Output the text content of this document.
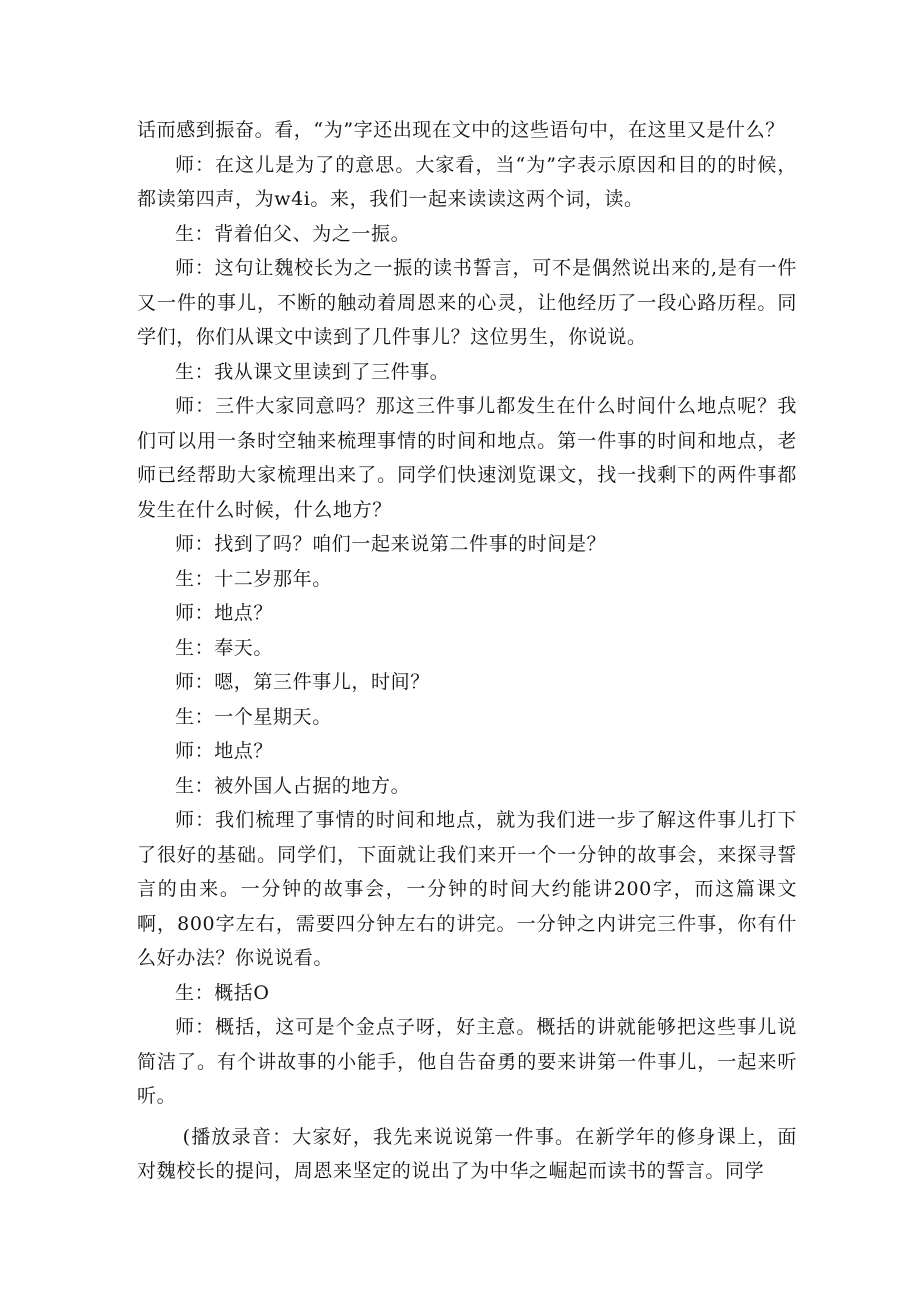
话而感到振奋。看，“为”字还出现在文中的这些语句中，在这里又是什么？

师：在这儿是为了的意思。大家看，当“为”字表示原因和目的的时候，都读第四声，为w4i。来，我们一起来读读这两个词，读。

生：背着伯父、为之一振。

师：这句让魏校长为之一振的读书誓言，可不是偶然说出来的,是有一件又一件的事儿，不断的触动着周恩来的心灵，让他经历了一段心路历程。同学们，你们从课文中读到了几件事儿？这位男生，你说说。

生：我从课文里读到了三件事。

师：三件大家同意吗？那这三件事儿都发生在什么时间什么地点呢？我们可以用一条时空轴来梳理事情的时间和地点。第一件事的时间和地点，老师已经帮助大家梳理出来了。同学们快速浏览课文，找一找剩下的两件事都发生在什么时候，什么地方？

师：找到了吗？咱们一起来说第二件事的时间是？

生：十二岁那年。

师：地点？

生：奉天。

师：嗯，第三件事儿，时间？

生：一个星期天。

师：地点？

生：被外国人占据的地方。

师：我们梳理了事情的时间和地点，就为我们进一步了解这件事儿打下了很好的基础。同学们，下面就让我们来开一个一分钟的故事会，来探寻誓言的由来。一分钟的故事会，一分钟的时间大约能讲200字，而这篇课文啊，800字左右，需要四分钟左右的讲完。一分钟之内讲完三件事，你有什么好办法？你说说看。

生：概括O

师：概括，这可是个金点子呀，好主意。概括的讲就能够把这些事儿说简洁了。有个讲故事的小能手，他自告奋勇的要来讲第一件事儿，一起来听听。

(播放录音：大家好，我先来说说第一件事。在新学年的修身课上，面对魏校长的提问，周恩来坚定的说出了为中华之崛起而读书的誓言。同学
